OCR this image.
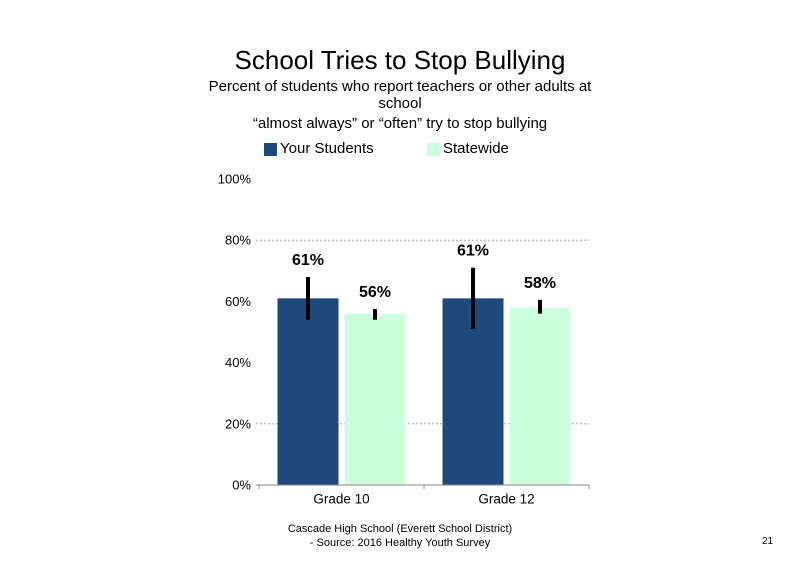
School Tries to Stop Bullying
Percent of students who report teachers or other adults at
school
“almost always” or “often” try to stop bullying
Your Students	Statewide
0%
20%
40%
60%
80%
100%
61%
61%
56%
58%
Grade 10	Grade 12
Cascade High School (Everett School District)
- Source: 2016 Healthy Youth Survey	21
